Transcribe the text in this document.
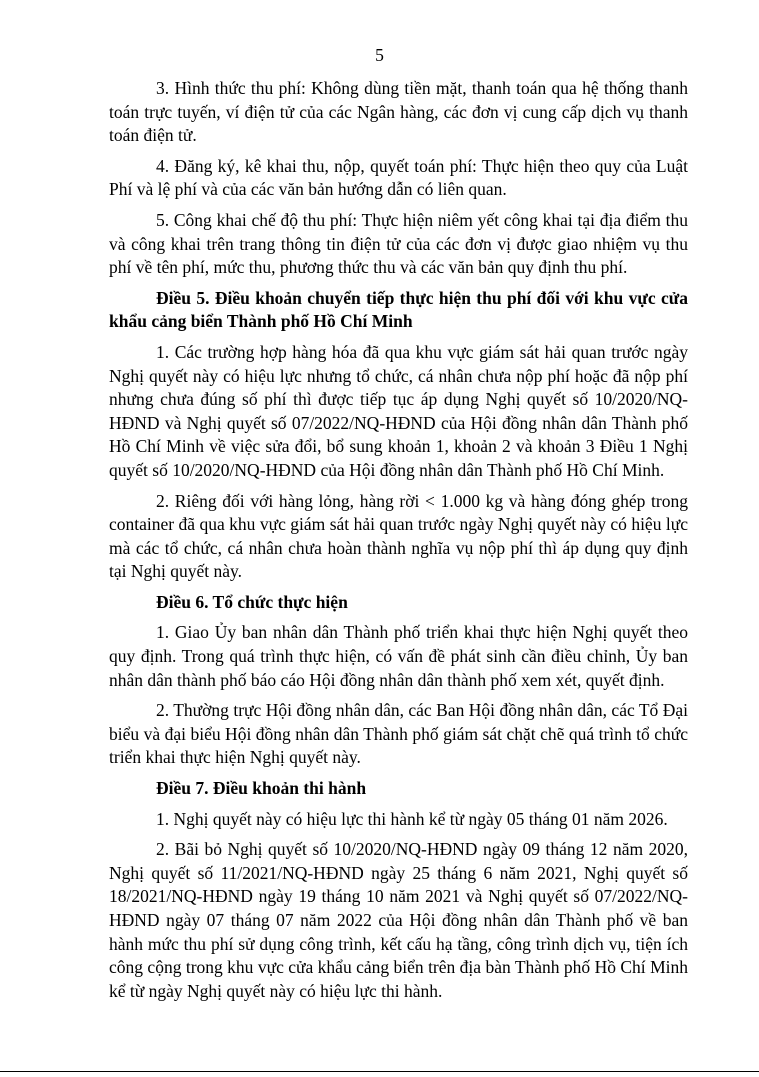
5

3. Hình thức thu phí: Không dùng tiền mặt, thanh toán qua hệ thống thanh toán trực tuyến, ví điện tử của các Ngân hàng, các đơn vị cung cấp dịch vụ thanh toán điện tử.

4. Đăng ký, kê khai thu, nộp, quyết toán phí: Thực hiện theo quy của Luật Phí và lệ phí và của các văn bản hướng dẫn có liên quan.

5. Công khai chế độ thu phí: Thực hiện niêm yết công khai tại địa điểm thu và công khai trên trang thông tin điện tử của các đơn vị được giao nhiệm vụ thu phí về tên phí, mức thu, phương thức thu và các văn bản quy định thu phí.

Điều 5. Điều khoản chuyển tiếp thực hiện thu phí đối với khu vực cửa khẩu cảng biển Thành phố Hồ Chí Minh

1. Các trường hợp hàng hóa đã qua khu vực giám sát hải quan trước ngày Nghị quyết này có hiệu lực nhưng tổ chức, cá nhân chưa nộp phí hoặc đã nộp phí nhưng chưa đúng số phí thì được tiếp tục áp dụng Nghị quyết số 10/2020/NQ-HĐND và Nghị quyết số 07/2022/NQ-HĐND của Hội đồng nhân dân Thành phố Hồ Chí Minh về việc sửa đổi, bổ sung khoản 1, khoản 2 và khoản 3 Điều 1 Nghị quyết số 10/2020/NQ-HĐND của Hội đồng nhân dân Thành phố Hồ Chí Minh.

2. Riêng đối với hàng lỏng, hàng rời < 1.000 kg và hàng đóng ghép trong container đã qua khu vực giám sát hải quan trước ngày Nghị quyết này có hiệu lực mà các tổ chức, cá nhân chưa hoàn thành nghĩa vụ nộp phí thì áp dụng quy định tại Nghị quyết này.

Điều 6. Tổ chức thực hiện

1. Giao Ủy ban nhân dân Thành phố triển khai thực hiện Nghị quyết theo quy định. Trong quá trình thực hiện, có vấn đề phát sinh cần điều chỉnh, Ủy ban nhân dân thành phố báo cáo Hội đồng nhân dân thành phố xem xét, quyết định.

2. Thường trực Hội đồng nhân dân, các Ban Hội đồng nhân dân, các Tổ Đại biểu và đại biểu Hội đồng nhân dân Thành phố giám sát chặt chẽ quá trình tổ chức triển khai thực hiện Nghị quyết này.

Điều 7. Điều khoản thi hành

1. Nghị quyết này có hiệu lực thi hành kể từ ngày 05 tháng 01 năm 2026.

2. Bãi bỏ Nghị quyết số 10/2020/NQ-HĐND ngày 09 tháng 12 năm 2020, Nghị quyết số 11/2021/NQ-HĐND ngày 25 tháng 6 năm 2021, Nghị quyết số 18/2021/NQ-HĐND ngày 19 tháng 10 năm 2021 và Nghị quyết số 07/2022/NQ-HĐND ngày 07 tháng 07 năm 2022 của Hội đồng nhân dân Thành phố về ban hành mức thu phí sử dụng công trình, kết cấu hạ tầng, công trình dịch vụ, tiện ích công cộng trong khu vực cửa khẩu cảng biển trên địa bàn Thành phố Hồ Chí Minh kể từ ngày Nghị quyết này có hiệu lực thi hành.
